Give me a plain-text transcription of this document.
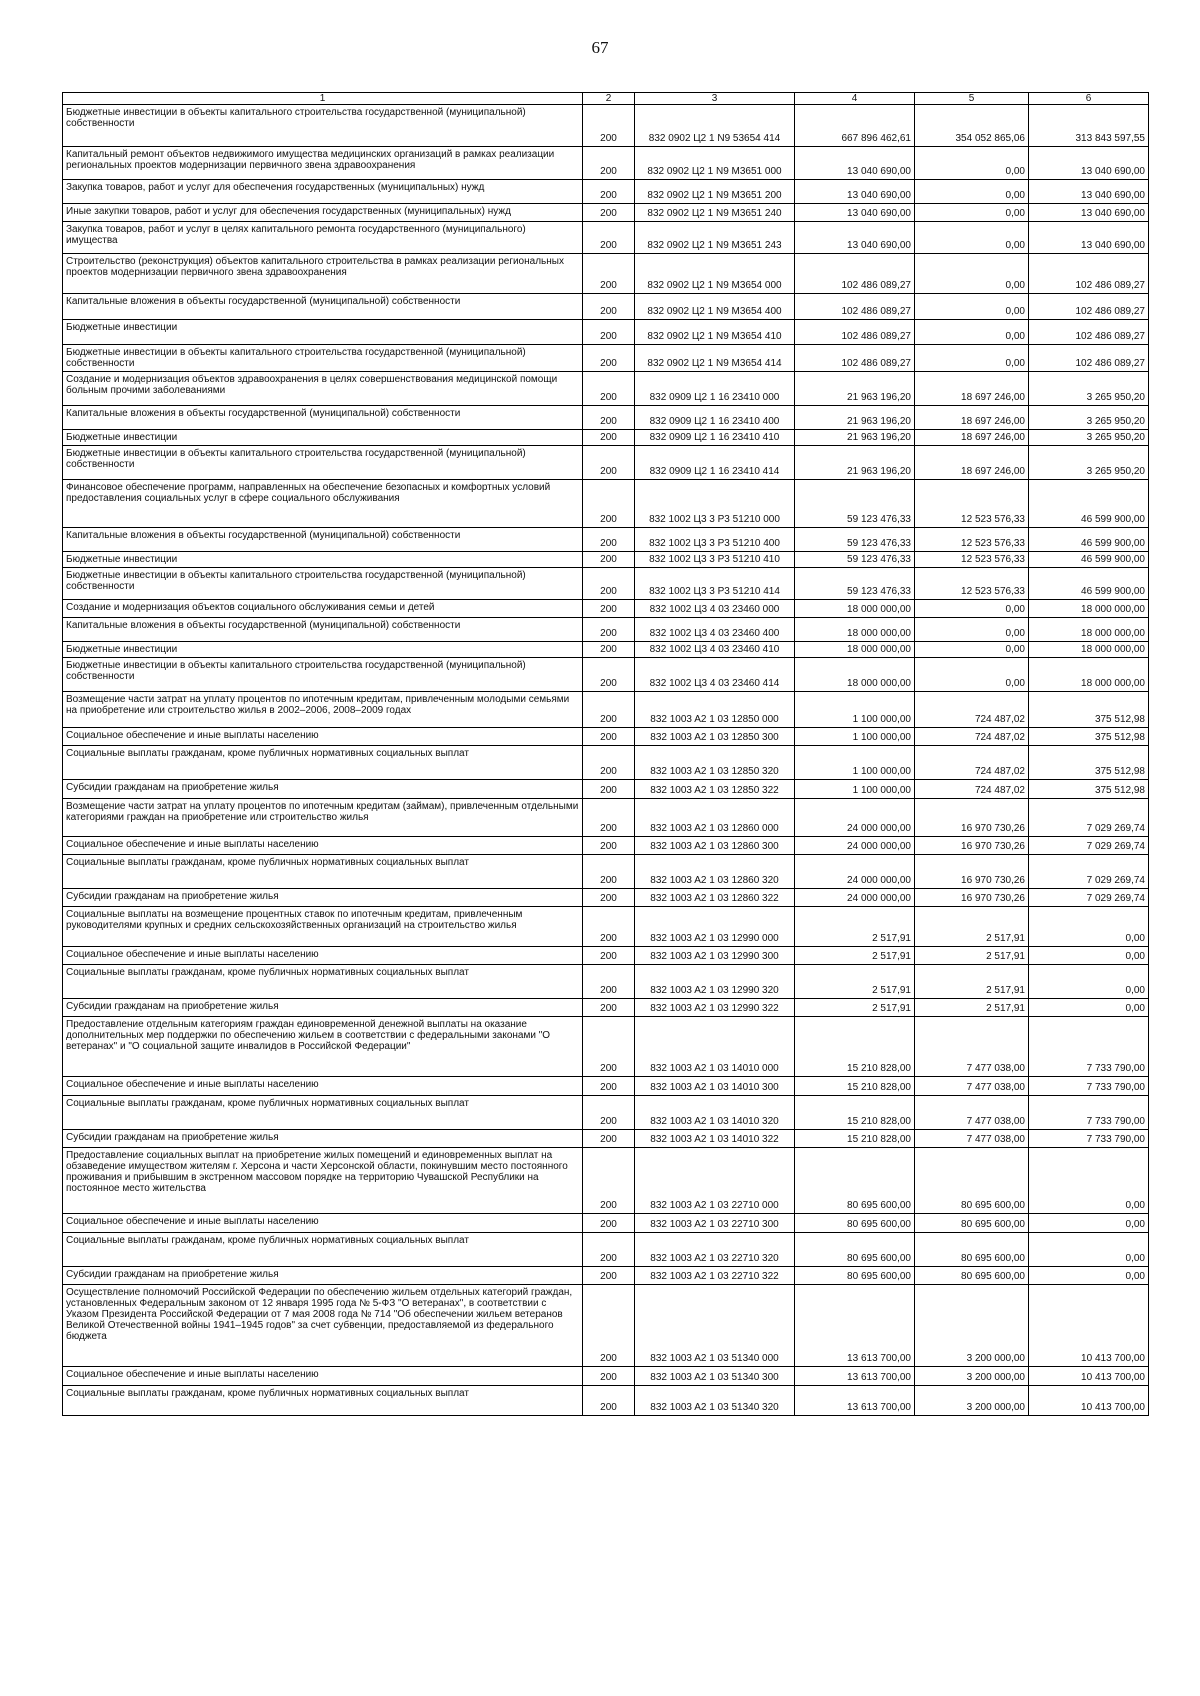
67
1	2	3	4	5	6
Бюджетные инвестиции в объекты капитального строительства государственной (муниципальной) собственности	200	832 0902 Ц2 1 N9 53654 414	667 896 462,61	354 052 865,06	313 843 597,55
Капитальный ремонт объектов недвижимого имущества медицинских организаций в рамках реализации региональных проектов модернизации первичного звена здравоохранения	200	832 0902 Ц2 1 N9 M3651 000	13 040 690,00	0,00	13 040 690,00
Закупка товаров, работ и услуг для обеспечения государственных (муниципальных) нужд	200	832 0902 Ц2 1 N9 M3651 200	13 040 690,00	0,00	13 040 690,00
Иные закупки товаров, работ и услуг для обеспечения государственных (муниципальных) нужд	200	832 0902 Ц2 1 N9 M3651 240	13 040 690,00	0,00	13 040 690,00
Закупка товаров, работ и услуг в целях капитального ремонта государственного (муниципального) имущества	200	832 0902 Ц2 1 N9 M3651 243	13 040 690,00	0,00	13 040 690,00
Строительство (реконструкция) объектов капитального строительства в рамках реализации региональных проектов модернизации первичного звена здравоохранения	200	832 0902 Ц2 1 N9 M3654 000	102 486 089,27	0,00	102 486 089,27
Капитальные вложения в объекты государственной (муниципальной) собственности	200	832 0902 Ц2 1 N9 M3654 400	102 486 089,27	0,00	102 486 089,27
Бюджетные инвестиции	200	832 0902 Ц2 1 N9 M3654 410	102 486 089,27	0,00	102 486 089,27
Бюджетные инвестиции в объекты капитального строительства государственной (муниципальной) собственности	200	832 0902 Ц2 1 N9 M3654 414	102 486 089,27	0,00	102 486 089,27
Создание и модернизация объектов здравоохранения в целях совершенствования медицинской помощи больным прочими заболеваниями	200	832 0909 Ц2 1 16 23410 000	21 963 196,20	18 697 246,00	3 265 950,20
Капитальные вложения в объекты государственной (муниципальной) собственности	200	832 0909 Ц2 1 16 23410 400	21 963 196,20	18 697 246,00	3 265 950,20
Бюджетные инвестиции	200	832 0909 Ц2 1 16 23410 410	21 963 196,20	18 697 246,00	3 265 950,20
Бюджетные инвестиции в объекты капитального строительства государственной (муниципальной) собственности	200	832 0909 Ц2 1 16 23410 414	21 963 196,20	18 697 246,00	3 265 950,20
Финансовое обеспечение программ, направленных на обеспечение безопасных и комфортных условий предоставления социальных услуг в сфере социального обслуживания	200	832 1002 Ц3 3 P3 51210 000	59 123 476,33	12 523 576,33	46 599 900,00
Капитальные вложения в объекты государственной (муниципальной) собственности	200	832 1002 Ц3 3 P3 51210 400	59 123 476,33	12 523 576,33	46 599 900,00
Бюджетные инвестиции	200	832 1002 Ц3 3 P3 51210 410	59 123 476,33	12 523 576,33	46 599 900,00
Бюджетные инвестиции в объекты капитального строительства государственной (муниципальной) собственности	200	832 1002 Ц3 3 P3 51210 414	59 123 476,33	12 523 576,33	46 599 900,00
Создание и модернизация объектов социального обслуживания семьи и детей	200	832 1002 Ц3 4 03 23460 000	18 000 000,00	0,00	18 000 000,00
Капитальные вложения в объекты государственной (муниципальной) собственности	200	832 1002 Ц3 4 03 23460 400	18 000 000,00	0,00	18 000 000,00
Бюджетные инвестиции	200	832 1002 Ц3 4 03 23460 410	18 000 000,00	0,00	18 000 000,00
Бюджетные инвестиции в объекты капитального строительства государственной (муниципальной) собственности	200	832 1002 Ц3 4 03 23460 414	18 000 000,00	0,00	18 000 000,00
Возмещение части затрат на уплату процентов по ипотечным кредитам, привлеченным молодыми семьями на приобретение или строительство жилья в 2002–2006, 2008–2009 годах	200	832 1003 A2 1 03 12850 000	1 100 000,00	724 487,02	375 512,98
Социальное обеспечение и иные выплаты населению	200	832 1003 A2 1 03 12850 300	1 100 000,00	724 487,02	375 512,98
Социальные выплаты гражданам, кроме публичных нормативных социальных выплат	200	832 1003 A2 1 03 12850 320	1 100 000,00	724 487,02	375 512,98
Субсидии гражданам на приобретение жилья	200	832 1003 A2 1 03 12850 322	1 100 000,00	724 487,02	375 512,98
Возмещение части затрат на уплату процентов по ипотечным кредитам (займам), привлеченным отдельными категориями граждан на приобретение или строительство жилья	200	832 1003 A2 1 03 12860 000	24 000 000,00	16 970 730,26	7 029 269,74
Социальное обеспечение и иные выплаты населению	200	832 1003 A2 1 03 12860 300	24 000 000,00	16 970 730,26	7 029 269,74
Социальные выплаты гражданам, кроме публичных нормативных социальных выплат	200	832 1003 A2 1 03 12860 320	24 000 000,00	16 970 730,26	7 029 269,74
Субсидии гражданам на приобретение жилья	200	832 1003 A2 1 03 12860 322	24 000 000,00	16 970 730,26	7 029 269,74
Социальные выплаты на возмещение процентных ставок по ипотечным кредитам, привлеченным руководителями крупных и средних сельскохозяйственных организаций на строительство жилья	200	832 1003 A2 1 03 12990 000	2 517,91	2 517,91	0,00
Социальное обеспечение и иные выплаты населению	200	832 1003 A2 1 03 12990 300	2 517,91	2 517,91	0,00
Социальные выплаты гражданам, кроме публичных нормативных социальных выплат	200	832 1003 A2 1 03 12990 320	2 517,91	2 517,91	0,00
Субсидии гражданам на приобретение жилья	200	832 1003 A2 1 03 12990 322	2 517,91	2 517,91	0,00
Предоставление отдельным категориям граждан единовременной денежной выплаты на оказание дополнительных мер поддержки по обеспечению жильем в соответствии с федеральными законами "О ветеранах" и "О социальной защите инвалидов в Российской Федерации"	200	832 1003 A2 1 03 14010 000	15 210 828,00	7 477 038,00	7 733 790,00
Социальное обеспечение и иные выплаты населению	200	832 1003 A2 1 03 14010 300	15 210 828,00	7 477 038,00	7 733 790,00
Социальные выплаты гражданам, кроме публичных нормативных социальных выплат	200	832 1003 A2 1 03 14010 320	15 210 828,00	7 477 038,00	7 733 790,00
Субсидии гражданам на приобретение жилья	200	832 1003 A2 1 03 14010 322	15 210 828,00	7 477 038,00	7 733 790,00
Предоставление социальных выплат на приобретение жилых помещений и единовременных выплат на обзаведение имуществом жителям г. Херсона и части Херсонской области, покинувшим место постоянного проживания и прибывшим в экстренном массовом порядке на территорию Чувашской Республики на постоянное место жительства	200	832 1003 A2 1 03 22710 000	80 695 600,00	80 695 600,00	0,00
Социальное обеспечение и иные выплаты населению	200	832 1003 A2 1 03 22710 300	80 695 600,00	80 695 600,00	0,00
Социальные выплаты гражданам, кроме публичных нормативных социальных выплат	200	832 1003 A2 1 03 22710 320	80 695 600,00	80 695 600,00	0,00
Субсидии гражданам на приобретение жилья	200	832 1003 A2 1 03 22710 322	80 695 600,00	80 695 600,00	0,00
Осуществление полномочий Российской Федерации по обеспечению жильем отдельных категорий граждан, установленных Федеральным законом от 12 января 1995 года № 5-ФЗ "О ветеранах", в соответствии с Указом Президента Российской Федерации от 7 мая 2008 года № 714 "Об обеспечении жильем ветеранов Великой Отечественной войны 1941–1945 годов" за счет субвенции, предоставляемой из федерального бюджета	200	832 1003 A2 1 03 51340 000	13 613 700,00	3 200 000,00	10 413 700,00
Социальное обеспечение и иные выплаты населению	200	832 1003 A2 1 03 51340 300	13 613 700,00	3 200 000,00	10 413 700,00
Социальные выплаты гражданам, кроме публичных нормативных социальных выплат	200	832 1003 A2 1 03 51340 320	13 613 700,00	3 200 000,00	10 413 700,00
